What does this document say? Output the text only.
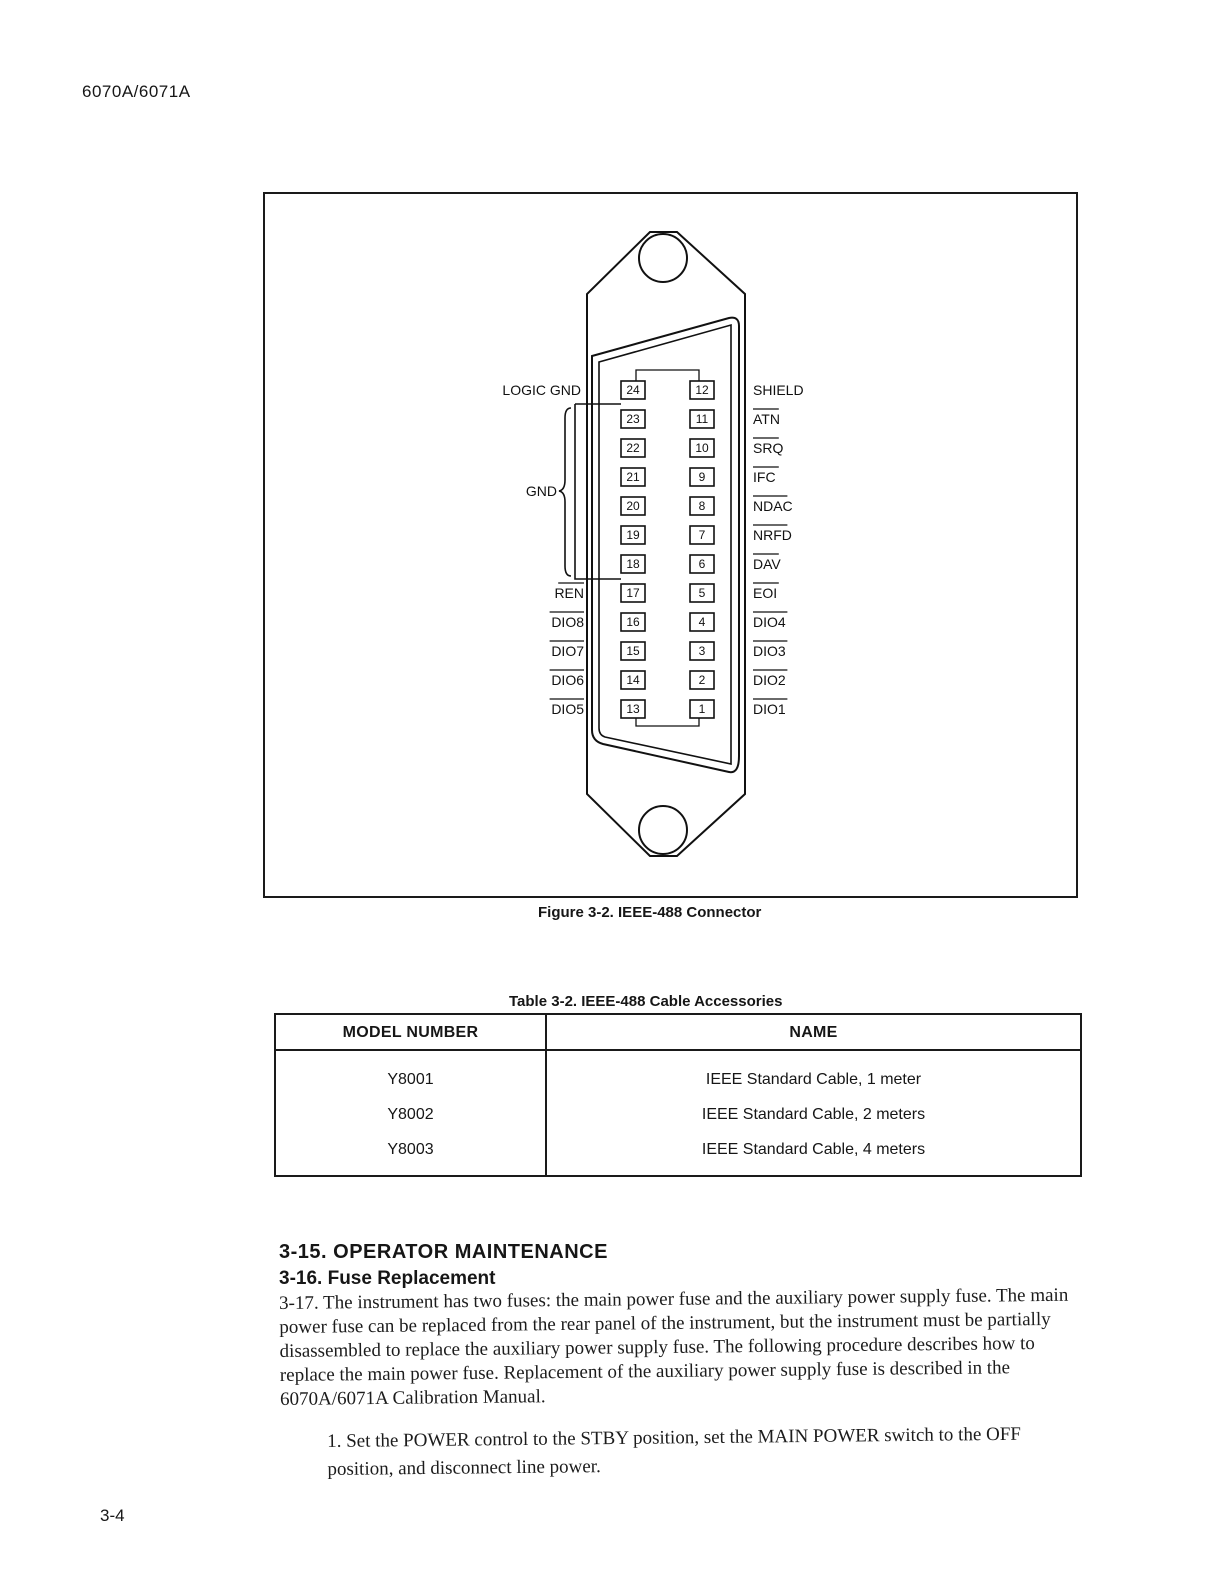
6070A/6071A
24
23
22
21
20
19
18
17
16
15
14
13
12
11
10
9
8
7
6
5
4
3
2
1
SHIELD
ATN
SRQ
IFC
NDAC
NRFD
DAV
EOI
DIO4
DIO3
DIO2
DIO1
REN
DIO8
DIO7
DIO6
DIO5
LOGIC GND
GND
Figure 3-2. IEEE-488 Connector
Table 3-2. IEEE-488 Cable Accessories
MODEL NUMBER	NAME
Y8001	IEEE Standard Cable, 1 meter
Y8002	IEEE Standard Cable, 2 meters
Y8003	IEEE Standard Cable, 4 meters
3-15. OPERATOR MAINTENANCE
3-16. Fuse Replacement
3-17. The instrument has two fuses: the main power fuse and the auxiliary power supply fuse. The main power fuse can be replaced from the rear panel of the instrument, but the instrument must be partially disassembled to replace the auxiliary power supply fuse. The following procedure describes how to replace the main power fuse. Replacement of the auxiliary power supply fuse is described in the 6070A/6071A Calibration Manual.
1. Set the POWER control to the STBY position, set the MAIN POWER switch to the OFF position, and disconnect line power.
3-4
